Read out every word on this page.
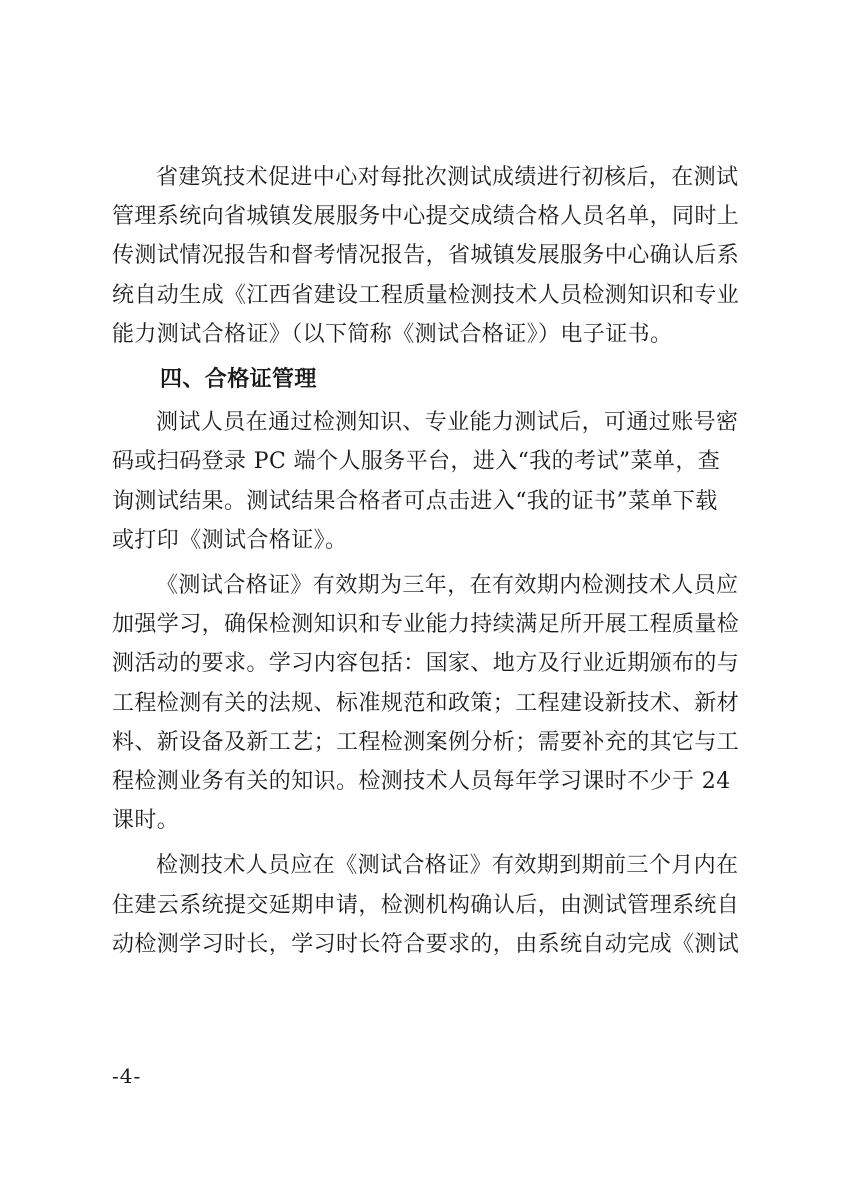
省建筑技术促进中心对每批次测试成绩进行初核后，在测试
管理系统向省城镇发展服务中心提交成绩合格人员名单，同时上
传测试情况报告和督考情况报告，省城镇发展服务中心确认后系
统自动生成《江西省建设工程质量检测技术人员检测知识和专业
能力测试合格证》（以下简称《测试合格证》）电子证书。
四、合格证管理
测试人员在通过检测知识、专业能力测试后，可通过账号密
码或扫码登录 PC 端个人服务平台，进入“我的考试”菜单，查
询测试结果。测试结果合格者可点击进入“我的证书”菜单下载
或打印《测试合格证》。
《测试合格证》有效期为三年，在有效期内检测技术人员应
加强学习，确保检测知识和专业能力持续满足所开展工程质量检
测活动的要求。学习内容包括：国家、地方及行业近期颁布的与
工程检测有关的法规、标准规范和政策；工程建设新技术、新材
料、新设备及新工艺；工程检测案例分析；需要补充的其它与工
程检测业务有关的知识。检测技术人员每年学习课时不少于 24
课时。
检测技术人员应在《测试合格证》有效期到期前三个月内在
住建云系统提交延期申请，检测机构确认后，由测试管理系统自
动检测学习时长，学习时长符合要求的，由系统自动完成《测试
-4-
